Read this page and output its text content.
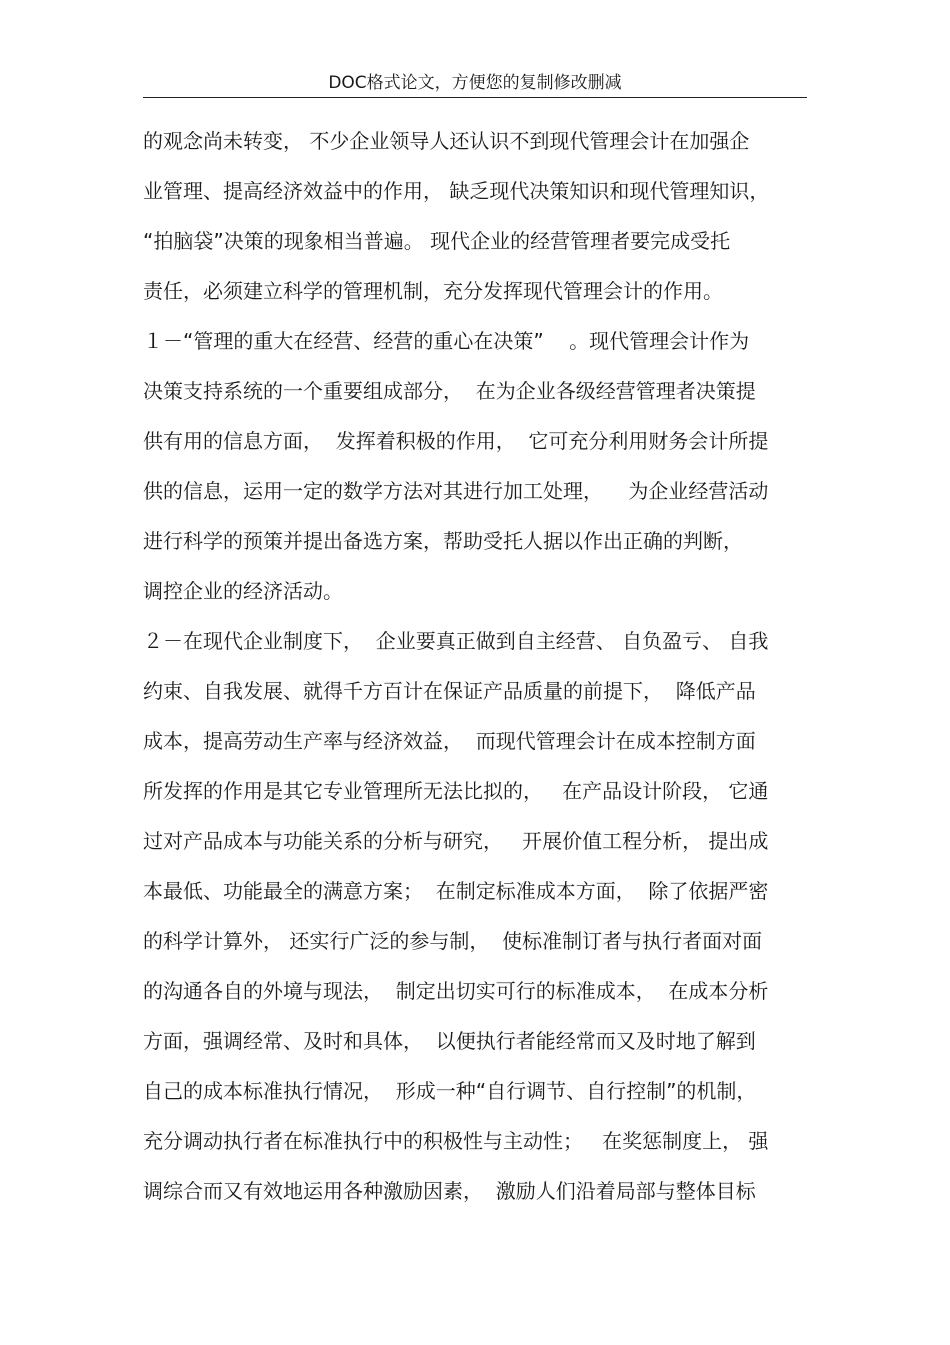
DOC格式论文，方便您的复制修改删减
的观念尚未转变， 不少企业领导人还认识不到现代管理会计在加强企
业管理、提高经济效益中的作用， 缺乏现代决策知识和现代管理知识，
“拍脑袋”决策的现象相当普遍。 现代企业的经营管理者要完成受托
责任，必须建立科学的管理机制，充分发挥现代管理会计的作用。
１－“管理的重大在经营、经营的重心在决策”    。现代管理会计作为
决策支持系统的一个重要组成部分，  在为企业各级经营管理者决策提
供有用的信息方面，  发挥着积极的作用，  它可充分利用财务会计所提
供的信息，运用一定的数学方法对其进行加工处理，    为企业经营活动
进行科学的预策并提出备选方案，帮助受托人据以作出正确的判断，
调控企业的经济活动。
２－在现代企业制度下，  企业要真正做到自主经营、 自负盈亏、 自我
约束、自我发展、就得千方百计在保证产品质量的前提下，  降低产品
成本，提高劳动生产率与经济效益，  而现代管理会计在成本控制方面
所发挥的作用是其它专业管理所无法比拟的，   在产品设计阶段， 它通
过对产品成本与功能关系的分析与研究，   开展价值工程分析， 提出成
本最低、功能最全的满意方案；  在制定标准成本方面，  除了依据严密
的科学计算外， 还实行广泛的参与制，  使标准制订者与执行者面对面
的沟通各自的外境与现法，  制定出切实可行的标准成本，  在成本分析
方面，强调经常、及时和具体，  以便执行者能经常而又及时地了解到
自己的成本标准执行情况，  形成一种“自行调节、自行控制”的机制，
充分调动执行者在标准执行中的积极性与主动性；   在奖惩制度上， 强
调综合而又有效地运用各种激励因素，  激励人们沿着局部与整体目标
